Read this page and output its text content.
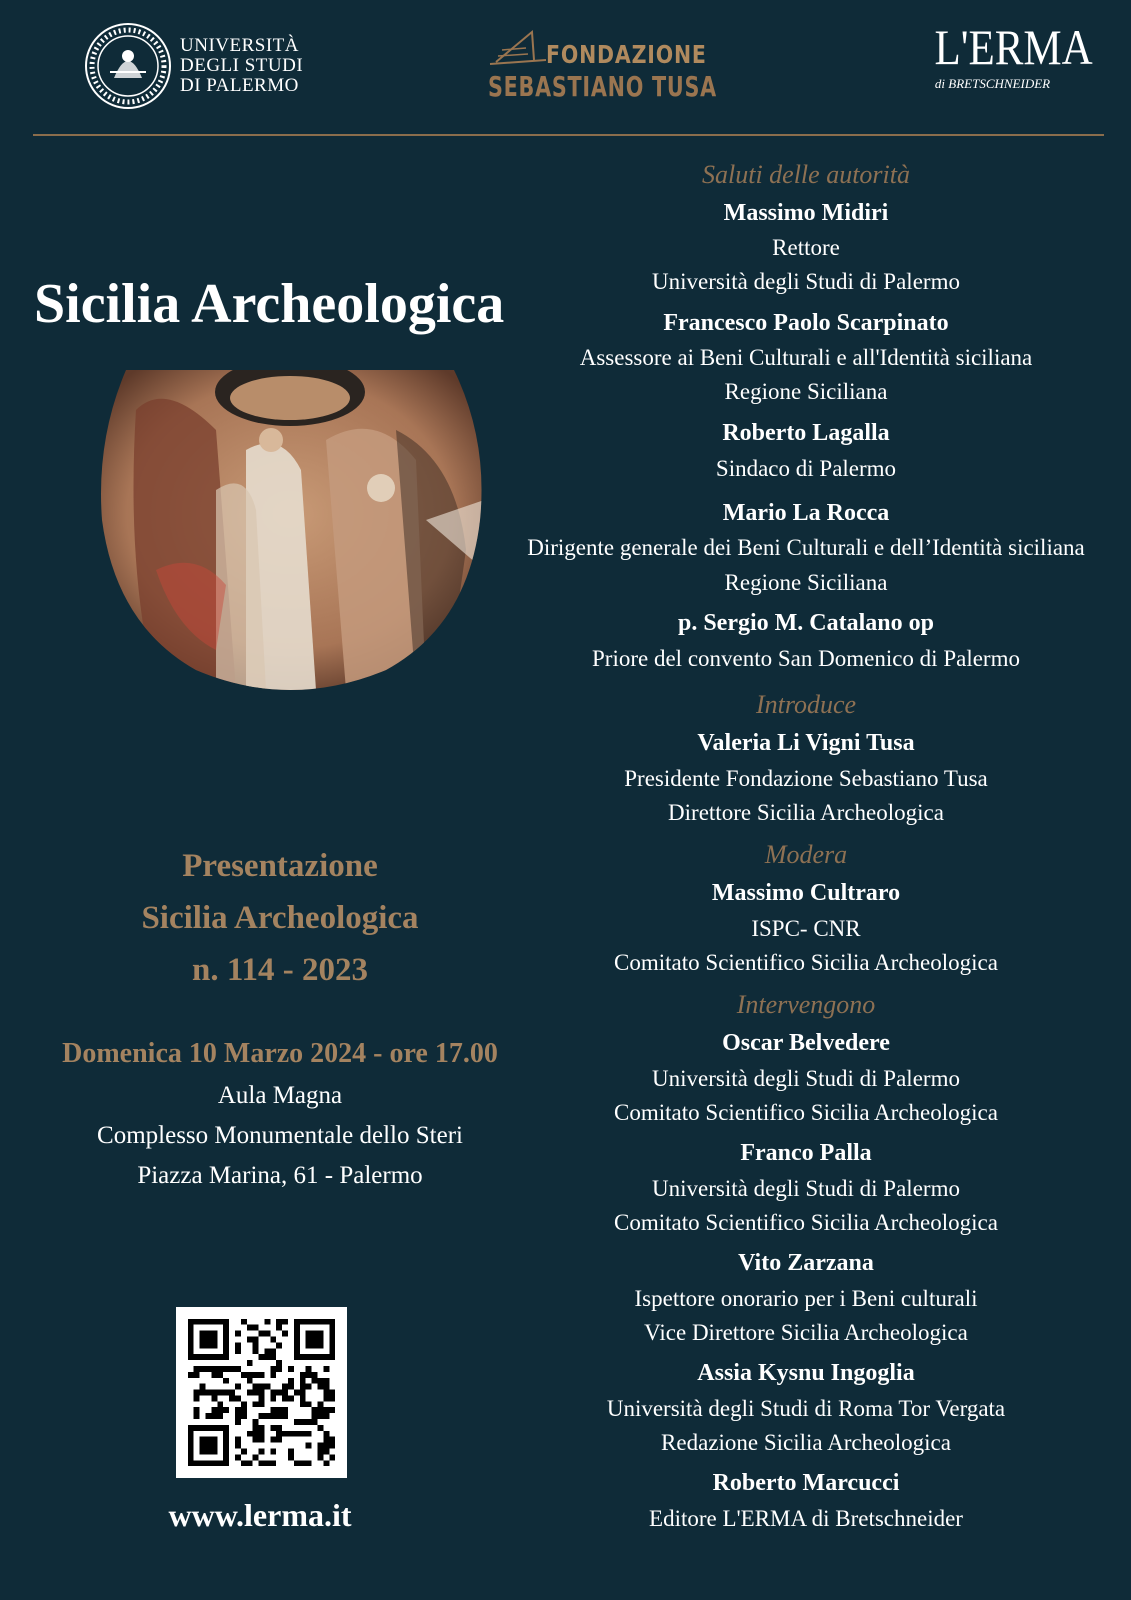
UNIVERSITÀ
DEGLI STUDI
DI PALERMO
FONDAZIONE
SEBASTIANO TUSA
L'ERMA
di BRETSCHNEIDER
Sicilia Archeologica
Presentazione
Sicilia Archeologica
n. 114 - 2023
Domenica 10 Marzo 2024 - ore 17.00
Aula Magna
Complesso Monumentale dello Steri
Piazza Marina, 61 - Palermo
www.lerma.it
Saluti delle autorità
Massimo Midiri
Rettore
Università degli Studi di Palermo
Francesco Paolo Scarpinato
Assessore ai Beni Culturali e all'Identità siciliana
Regione Siciliana
Roberto Lagalla
Sindaco di Palermo
Mario La Rocca
Dirigente generale dei Beni Culturali e dell’Identità siciliana
Regione Siciliana
p. Sergio M. Catalano op
Priore del convento San Domenico di Palermo
Introduce
Valeria Li Vigni Tusa
Presidente Fondazione Sebastiano Tusa
Direttore Sicilia Archeologica
Modera
Massimo Cultraro
ISPC- CNR
Comitato Scientifico Sicilia Archeologica
Intervengono
Oscar Belvedere
Università degli Studi di Palermo
Comitato Scientifico Sicilia Archeologica
Franco Palla
Università degli Studi di Palermo
Comitato Scientifico Sicilia Archeologica
Vito Zarzana
Ispettore onorario per i Beni culturali
Vice Direttore Sicilia Archeologica
Assia Kysnu Ingoglia
Università degli Studi di Roma Tor Vergata
Redazione Sicilia Archeologica
Roberto Marcucci
Editore L'ERMA di Bretschneider
